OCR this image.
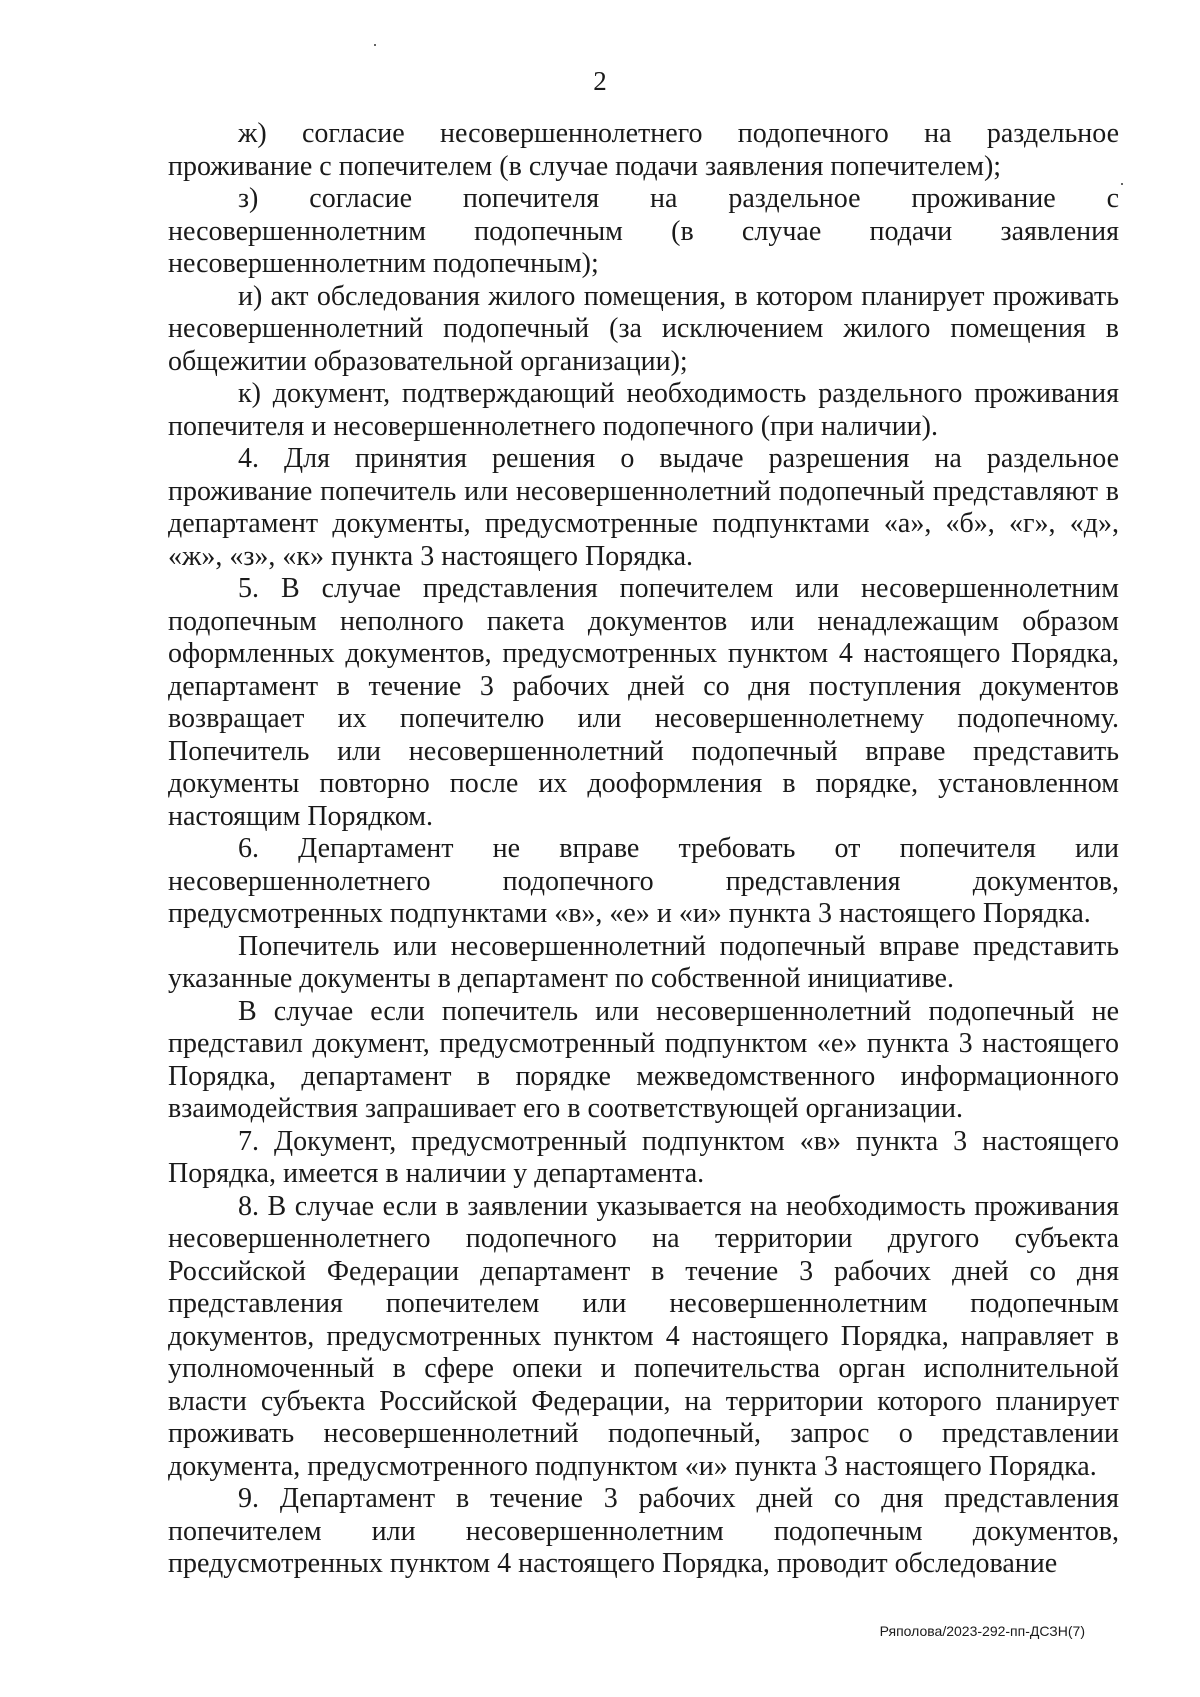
2

ж) согласие несовершеннолетнего подопечного на раздельное проживание с попечителем (в случае подачи заявления попечителем);

з) согласие попечителя на раздельное проживание с несовершеннолетним подопечным (в случае подачи заявления несовершеннолетним подопечным);

и) акт обследования жилого помещения, в котором планирует проживать несовершеннолетний подопечный (за исключением жилого помещения в общежитии образовательной организации);

к) документ, подтверждающий необходимость раздельного проживания попечителя и несовершеннолетнего подопечного (при наличии).

4. Для принятия решения о выдаче разрешения на раздельное проживание попечитель или несовершеннолетний подопечный представляют в департамент документы, предусмотренные подпунктами «а», «б», «г», «д», «ж», «з», «к» пункта 3 настоящего Порядка.

5. В случае представления попечителем или несовершеннолетним подопечным неполного пакета документов или ненадлежащим образом оформленных документов, предусмотренных пунктом 4 настоящего Порядка, департамент в течение 3 рабочих дней со дня поступления документов возвращает их попечителю или несовершеннолетнему подопечному. Попечитель или несовершеннолетний подопечный вправе представить документы повторно после их дооформления в порядке, установленном настоящим Порядком.

6. Департамент не вправе требовать от попечителя или несовершеннолетнего подопечного представления документов, предусмотренных подпунктами «в», «е» и «и» пункта 3 настоящего Порядка.

Попечитель или несовершеннолетний подопечный вправе представить указанные документы в департамент по собственной инициативе.

В случае если попечитель или несовершеннолетний подопечный не представил документ, предусмотренный подпунктом «е» пункта 3 настоящего Порядка, департамент в порядке межведомственного информационного взаимодействия запрашивает его в соответствующей организации.

7. Документ, предусмотренный подпунктом «в» пункта 3 настоящего Порядка, имеется в наличии у департамента.

8. В случае если в заявлении указывается на необходимость проживания несовершеннолетнего подопечного на территории другого субъекта Российской Федерации департамент в течение 3 рабочих дней со дня представления попечителем или несовершеннолетним подопечным документов, предусмотренных пунктом 4 настоящего Порядка, направляет в уполномоченный в сфере опеки и попечительства орган исполнительной власти субъекта Российской Федерации, на территории которого планирует проживать несовершеннолетний подопечный, запрос о представлении документа, предусмотренного подпунктом «и» пункта 3 настоящего Порядка.

9. Департамент в течение 3 рабочих дней со дня представления попечителем или несовершеннолетним подопечным документов, предусмотренных пунктом 4 настоящего Порядка, проводит обследование

Ряполова/2023-292-пп-ДСЗН(7)
